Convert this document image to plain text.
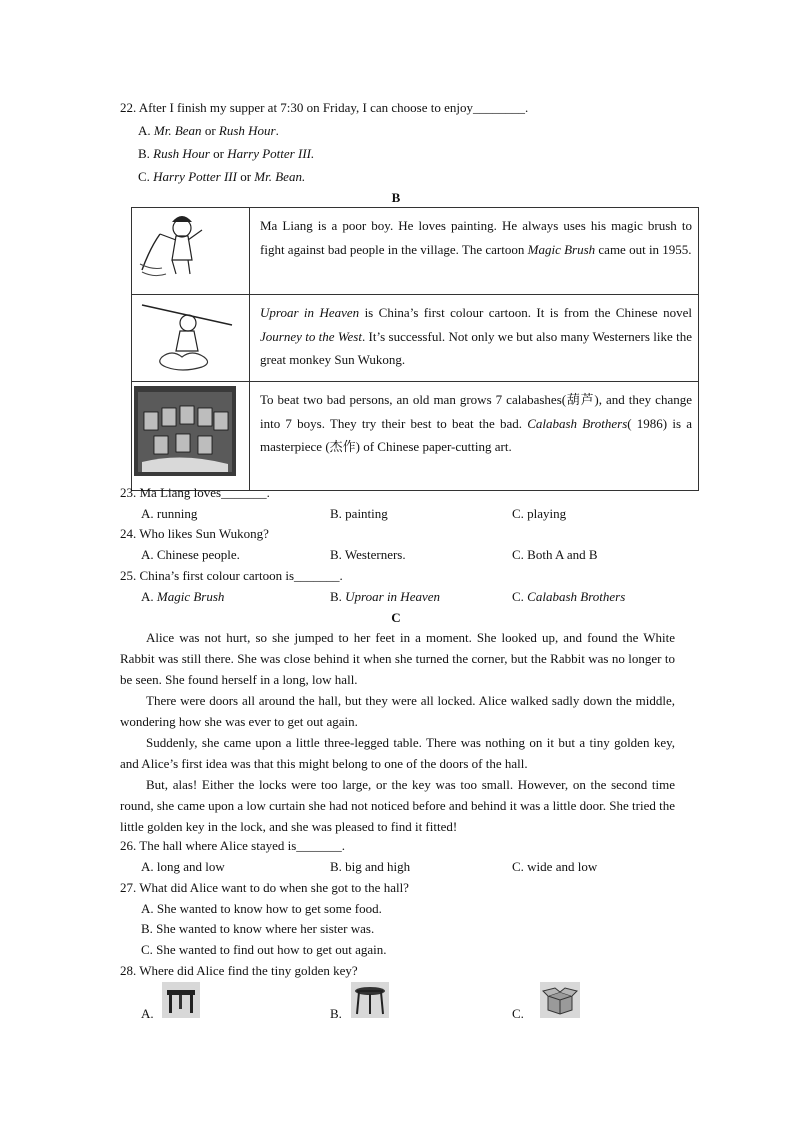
22. After I finish my supper at 7:30 on Friday, I can choose to enjoy________.
A. Mr. Bean or Rush Hour.
B. Rush Hour or Harry Potter III.
C. Harry Potter III or Mr. Bean.
B
	Ma Liang is a poor boy. He loves painting. He always uses his magic brush to fight against bad people in the village. The cartoon Magic Brush came out in 1955.
	Uproar in Heaven is China’s first colour cartoon. It is from the Chinese novel Journey to the West. It’s successful. Not only we but also many Westerners like the great monkey Sun Wukong.
	To beat two bad persons, an old man grows 7 calabashes(葫芦), and they change into 7 boys. They try their best to beat the bad. Calabash Brothers( 1986) is a masterpiece (杰作) of Chinese paper-cutting art.
23. Ma Liang loves_______.
A. running	B. painting	C. playing
24. Who likes Sun Wukong?
A. Chinese people.	B. Westerners.	C. Both A and B
25. China’s first colour cartoon is_______.
A. Magic Brush	B. Uproar in Heaven	C. Calabash Brothers
C
Alice was not hurt, so she jumped to her feet in a moment. She looked up, and found the White Rabbit was still there. She was close behind it when she turned the corner, but the Rabbit was no longer to be seen. She found herself in a long, low hall.
There were doors all around the hall, but they were all locked. Alice walked sadly down the middle, wondering how she was ever to get out again.
Suddenly, she came upon a little three-legged table. There was nothing on it but a tiny golden key, and Alice’s first idea was that this might belong to one of the doors of the hall.
But, alas! Either the locks were too large, or the key was too small. However, on the second time round, she came upon a low curtain she had not noticed before and behind it was a little door. She tried the little golden key in the lock, and she was pleased to find it fitted!
26. The hall where Alice stayed is_______.
A. long and low	B. big and high	C. wide and low
27. What did Alice want to do when she got to the hall?
A. She wanted to know how to get some food.
B. She wanted to know where her sister was.
C. She wanted to find out how to get out again.
28. Where did Alice find the tiny golden key?
A.	B.	C.
